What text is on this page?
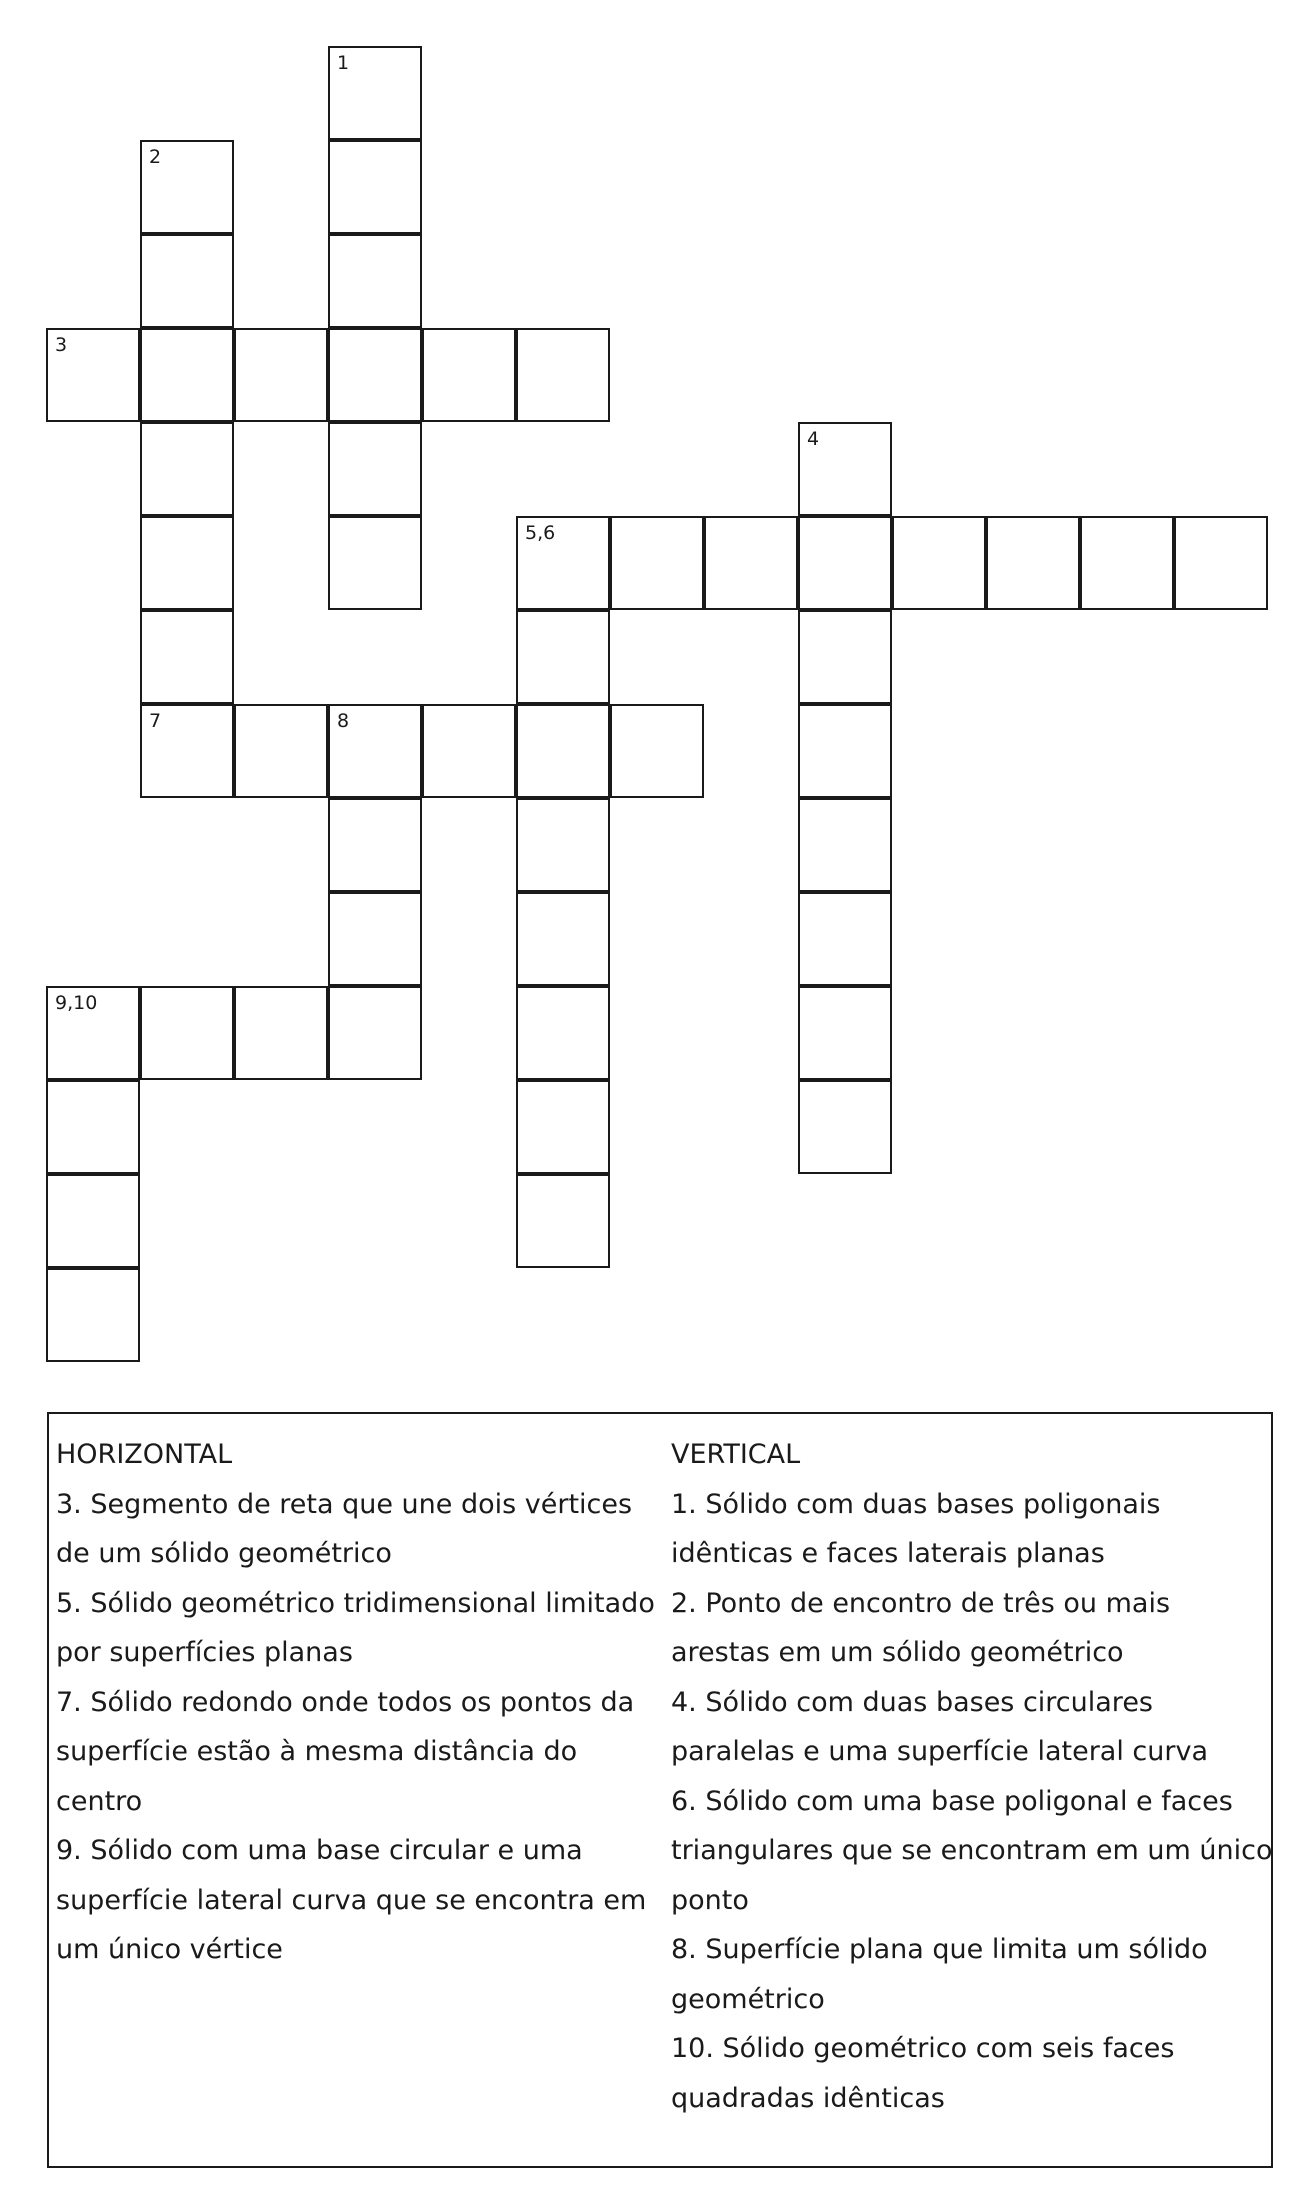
1
2
3
4
5,6
7	8
9,10
HORIZONTAL
3. Segmento de reta que une dois vértices
de um sólido geométrico
5. Sólido geométrico tridimensional limitado
por superfícies planas
7. Sólido redondo onde todos os pontos da
superfície estão à mesma distância do
centro
9. Sólido com uma base circular e uma
superfície lateral curva que se encontra em
um único vértice
VERTICAL
1. Sólido com duas bases poligonais
idênticas e faces laterais planas
2. Ponto de encontro de três ou mais
arestas em um sólido geométrico
4. Sólido com duas bases circulares
paralelas e uma superfície lateral curva
6. Sólido com uma base poligonal e faces
triangulares que se encontram em um único
ponto
8. Superfície plana que limita um sólido
geométrico
10. Sólido geométrico com seis faces
quadradas idênticas
